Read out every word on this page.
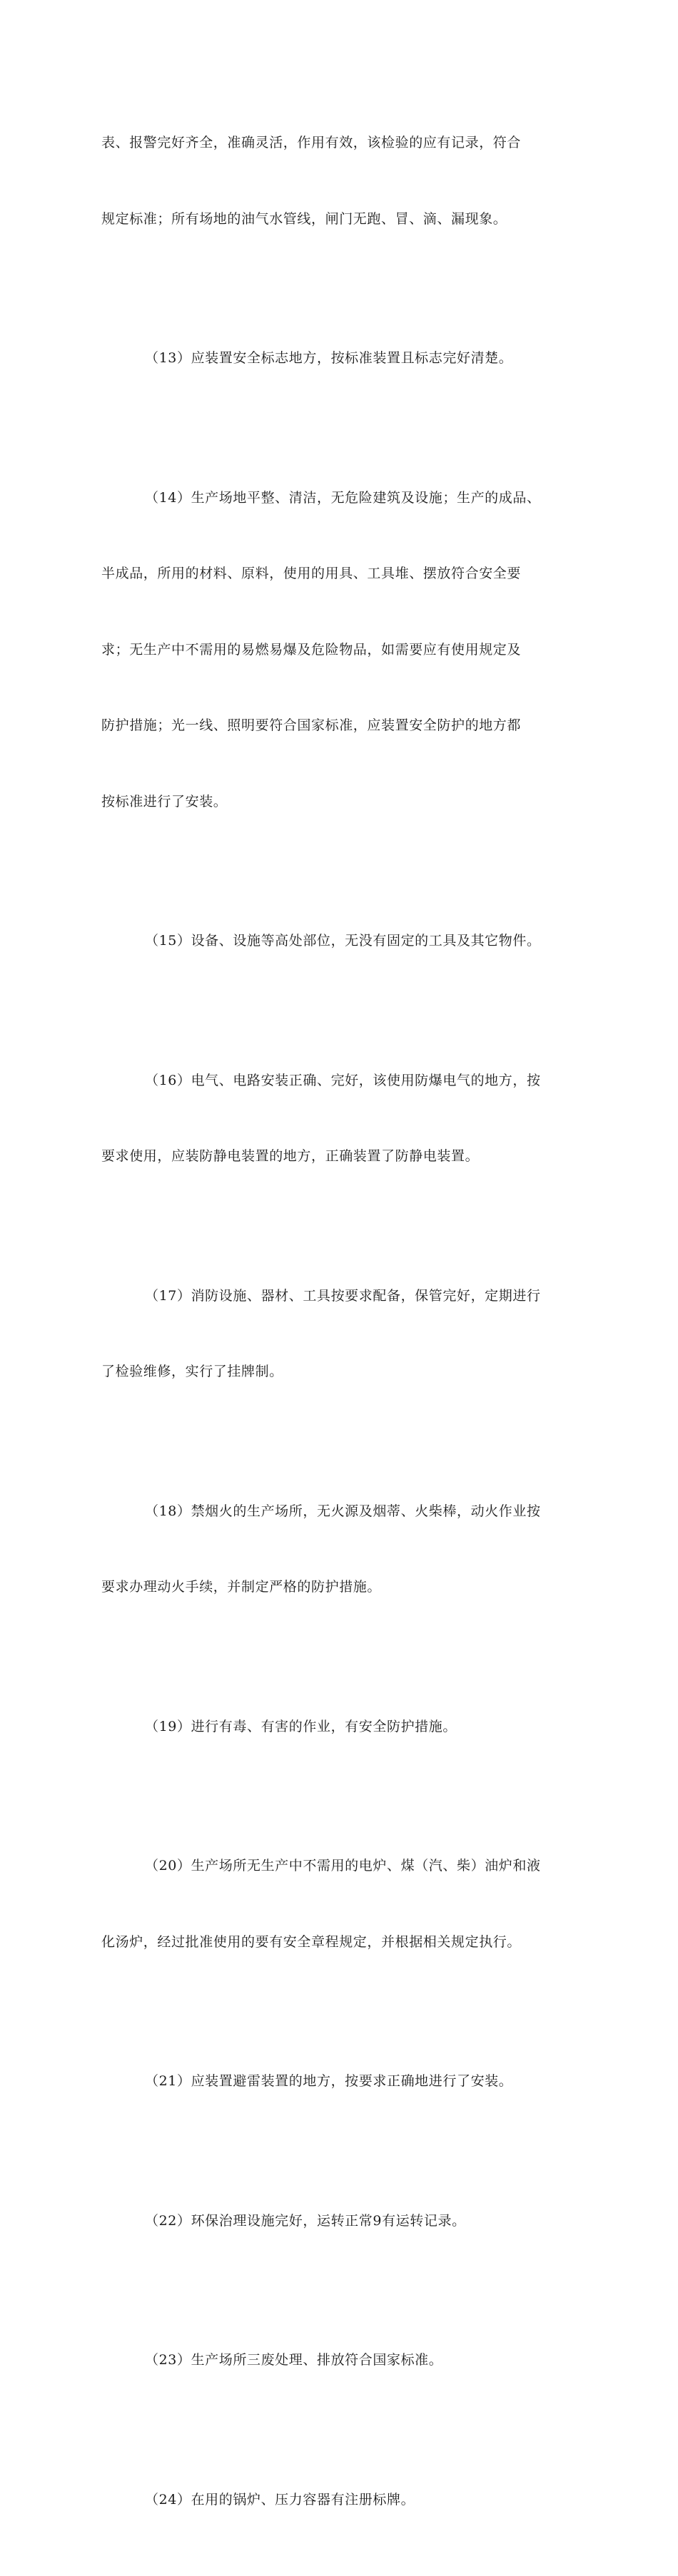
表、报警完好齐全，准确灵活，作用有效，该检验的应有记录，符合

规定标准；所有场地的油气水管线，闸门无跑、冒、滴、漏现象。

（13）应装置安全标志地方，按标准装置且标志完好清楚。

（14）生产场地平整、清洁，无危险建筑及设施；生产的成品、

半成品，所用的材料、原料，使用的用具、工具堆、摆放符合安全要

求；无生产中不需用的易燃易爆及危险物品，如需要应有使用规定及

防护措施；光一线、照明要符合国家标准，应装置安全防护的地方都

按标准进行了安装。

（15）设备、设施等高处部位，无没有固定的工具及其它物件。

（16）电气、电路安装正确、完好，该使用防爆电气的地方，按

要求使用，应装防静电装置的地方，正确装置了防静电装置。

（17）消防设施、器材、工具按要求配备，保管完好，定期进行

了检验维修，实行了挂牌制。

（18）禁烟火的生产场所，无火源及烟蒂、火柴棒，动火作业按

要求办理动火手续，并制定严格的防护措施。

（19）进行有毒、有害的作业，有安全防护措施。

（20）生产场所无生产中不需用的电炉、煤（汽、柴）油炉和液

化汤炉，经过批准使用的要有安全章程规定，并根据相关规定执行。

（21）应装置避雷装置的地方，按要求正确地进行了安装。

（22）环保治理设施完好，运转正常9有运转记录。

（23）生产场所三废处理、排放符合国家标准。

（24）在用的锅炉、压力容器有注册标牌。
